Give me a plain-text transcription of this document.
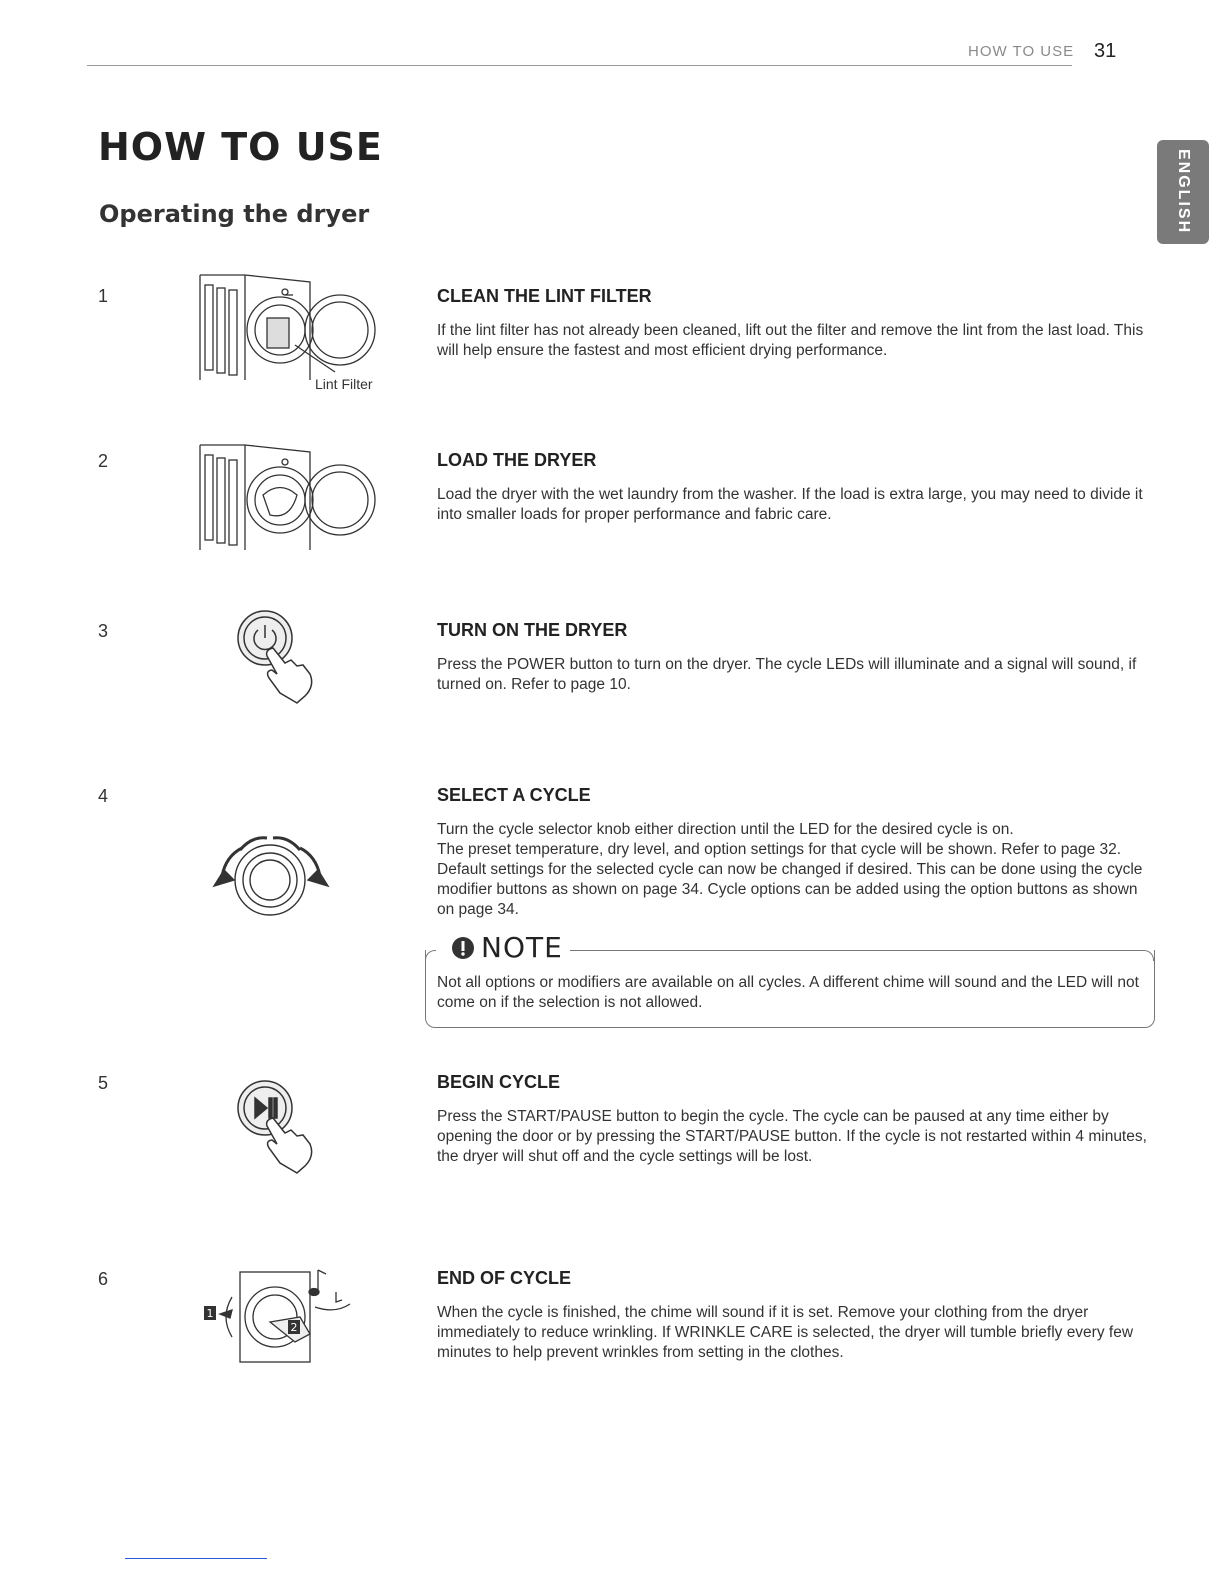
HOW TO USE 31
ENGLISH
HOW TO USE
Operating the dryer
1
Lint Filter
CLEAN THE LINT FILTER

If the lint filter has not already been cleaned, lift out the filter and remove the lint from the last load. This will help ensure the fastest and most efficient drying performance.

2	LOAD THE DRYER

Load the dryer with the wet laundry from the washer. If the load is extra large, you may need to divide it into smaller loads for proper performance and fabric care.

3	TURN ON THE DRYER

Press the POWER button to turn on the dryer. The cycle LEDs will illuminate and a signal will sound, if turned on. Refer to page 10.

4	SELECT A CYCLE

Turn the cycle selector knob either direction until the LED for the desired cycle is on.

The preset temperature, dry level, and option settings for that cycle will be shown. Refer to page 32. Default settings for the selected cycle can now be changed if desired. This can be done using the cycle modifier buttons as shown on page 34. Cycle options can be added using the option buttons as shown on page 34.

NOTE
Not all options or modifiers are available on all cycles. A different chime will sound and the LED will not come on if the selection is not allowed.
5	BEGIN CYCLE

Press the START/PAUSE button to begin the cycle. The cycle can be paused at any time either by opening the door or by pressing the START/PAUSE button. If the cycle is not restarted within 4 minutes, the dryer will shut off and the cycle settings will be lost.

6
1
2
END OF CYCLE

When the cycle is finished, the chime will sound if it is set. Remove your clothing from the dryer immediately to reduce wrinkling. If WRINKLE CARE is selected, the dryer will tumble briefly every few minutes to help prevent wrinkles from setting in the clothes.
